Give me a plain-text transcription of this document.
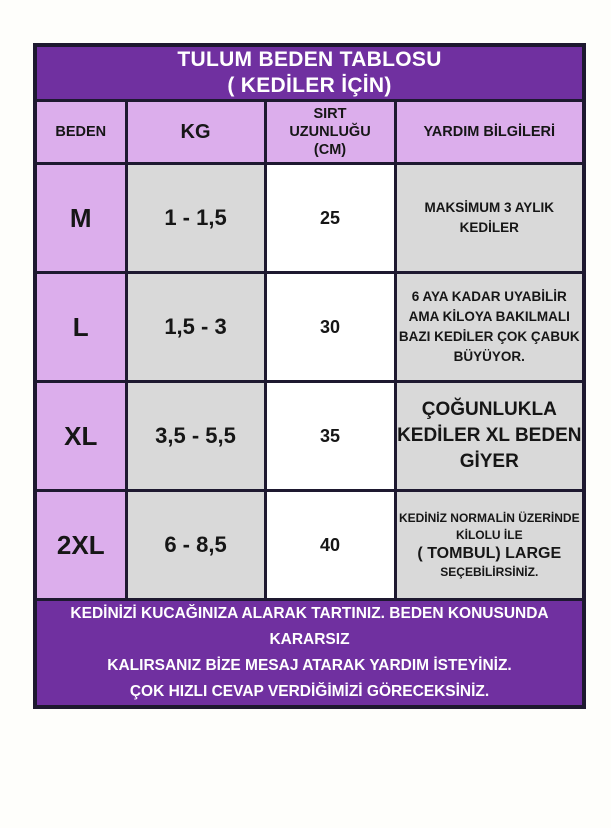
TULUM BEDEN TABLOSU
( KEDİLER İÇİN)			

BEDEN	KG	SIRT UZUNLUĞU (CM)	YARDIM BİLGİLERİ
M	1 - 1,5	25	MAKSİMUM 3 AYLIK
KEDİLER

L	1,5 - 3	30	6 AYA KADAR UYABİLİR
AMA KİLOYA BAKILMALI
BAZI KEDİLER ÇOK ÇABUK
BÜYÜYOR.

XL	3,5 - 5,5	35	ÇOĞUNLUKLA
KEDİLER XL BEDEN
GİYER

2XL	6 - 8,5	40	KEDİNİZ NORMALİN ÜZERİNDE
KİLOLU İLE
( TOMBUL) LARGE
SEÇEBİLİRSİNİZ.

KEDİNİZİ KUCAĞINIZA ALARAK TARTINIZ. BEDEN KONUSUNDA KARARSIZ
KALIRSANIZ BİZE MESAJ ATARAK YARDIM İSTEYİNİZ.
ÇOK HIZLI CEVAP VERDİĞİMİZİ GÖRECEKSİNİZ.			
